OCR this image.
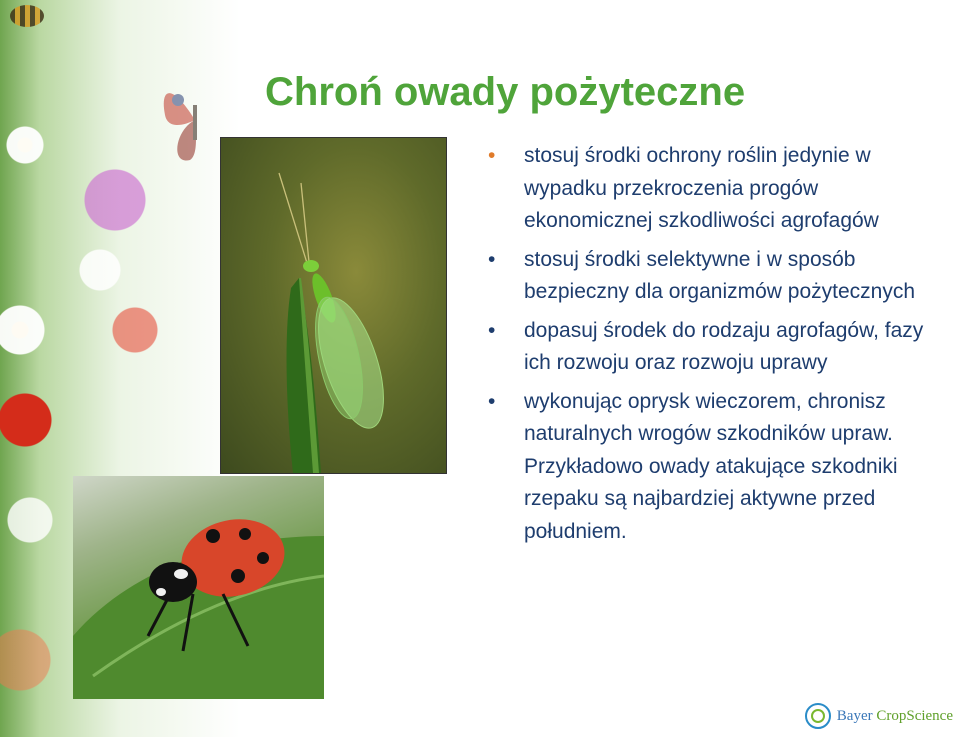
Chroń owady pożyteczne
• stosuj środki ochrony roślin jedynie w wypadku przekroczenia progów ekonomicznej szkodliwości agrofagów
• stosuj środki selektywne i w sposób bezpieczny dla organizmów pożytecznych
• dopasuj środek do rodzaju agrofagów, fazy ich rozwoju oraz rozwoju uprawy
• wykonując oprysk wieczorem, chronisz naturalnych wrogów szkodników upraw. Przykładowo owady atakujące szkodniki rzepaku są najbardziej aktywne przed południem.
Bayer CropScience
